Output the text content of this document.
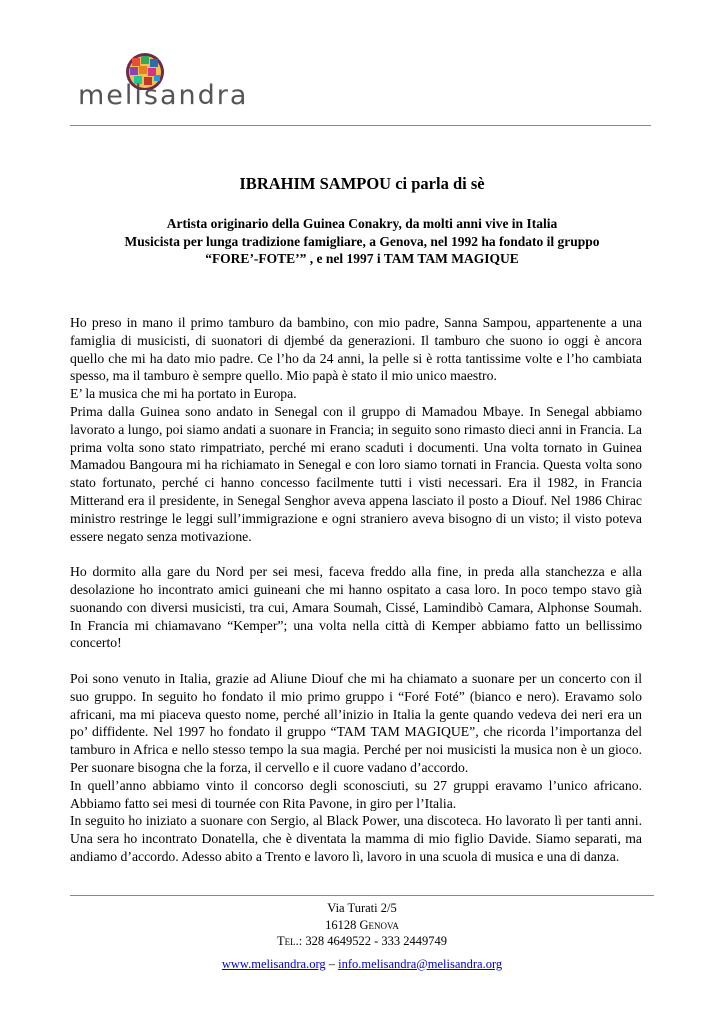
melisandra
IBRAHIM SAMPOU ci parla di sè
Artista originario della Guinea Conakry, da molti anni vive in Italia
Musicista per lunga tradizione famigliare, a Genova, nel 1992 ha fondato il gruppo
“FORE’-FOTE’” , e nel 1997 i TAM TAM MAGIQUE

Ho preso in mano il primo tamburo da bambino, con mio padre, Sanna Sampou, appartenente a una famiglia di musicisti, di suonatori di djembé da generazioni. Il tamburo che suono io oggi è ancora quello che mi ha dato mio padre. Ce l’ho da 24 anni, la pelle si è rotta tantissime volte e l’ho cambiata spesso, ma il tamburo è sempre quello. Mio papà è stato il mio unico maestro.

E’ la musica che mi ha portato in Europa.

Prima dalla Guinea sono andato in Senegal con il gruppo di Mamadou Mbaye. In Senegal abbiamo lavorato a lungo, poi siamo andati a suonare in Francia; in seguito sono rimasto dieci anni in Francia. La prima volta sono stato rimpatriato, perché mi erano scaduti i documenti. Una volta tornato in Guinea Mamadou Bangoura mi ha richiamato in Senegal e con loro siamo tornati in Francia. Questa volta sono stato fortunato, perché ci hanno concesso facilmente tutti i visti necessari. Era il 1982, in Francia Mitterand era il presidente, in Senegal Senghor aveva appena lasciato il posto a Diouf. Nel 1986 Chirac ministro restringe le leggi sull’immigrazione e ogni straniero aveva bisogno di un visto; il visto poteva essere negato senza motivazione.

Ho dormito alla gare du Nord per sei mesi, faceva freddo alla fine, in preda alla stanchezza e alla desolazione ho incontrato amici guineani che mi hanno ospitato a casa loro. In poco tempo stavo già suonando con diversi musicisti, tra cui, Amara Soumah, Cissé, Lamindibò Camara, Alphonse Soumah. In Francia mi chiamavano “Kemper”; una volta nella città di Kemper abbiamo fatto un bellissimo concerto!

Poi sono venuto in Italia, grazie ad Aliune Diouf che mi ha chiamato a suonare per un concerto con il suo gruppo. In seguito ho fondato il mio primo gruppo i “Foré Foté” (bianco e nero). Eravamo solo africani, ma mi piaceva questo nome, perché all’inizio in Italia la gente quando vedeva dei neri era un po’ diffidente. Nel 1997 ho fondato il gruppo “TAM TAM MAGIQUE”, che ricorda l’importanza del tamburo in Africa e nello stesso tempo la sua magia. Perché per noi musicisti la musica non è un gioco. Per suonare bisogna che la forza, il cervello e il cuore vadano d’accordo.

In quell’anno abbiamo vinto il concorso degli sconosciuti, su 27 gruppi eravamo l’unico africano. Abbiamo fatto sei mesi di tournée con Rita Pavone, in giro per l’Italia.

In seguito ho iniziato a suonare con Sergio, al Black Power, una discoteca. Ho lavorato lì per tanti anni. Una sera ho incontrato Donatella, che è diventata la mamma di mio figlio Davide. Siamo separati, ma andiamo d’accordo. Adesso abito a Trento e lavoro lì, lavoro in una scuola di musica e una di danza.

Via Turati 2/5
16128 Genova
Tel.: 328 4649522 - 333 2449749
www.melisandra.org – info.melisandra@melisandra.org
